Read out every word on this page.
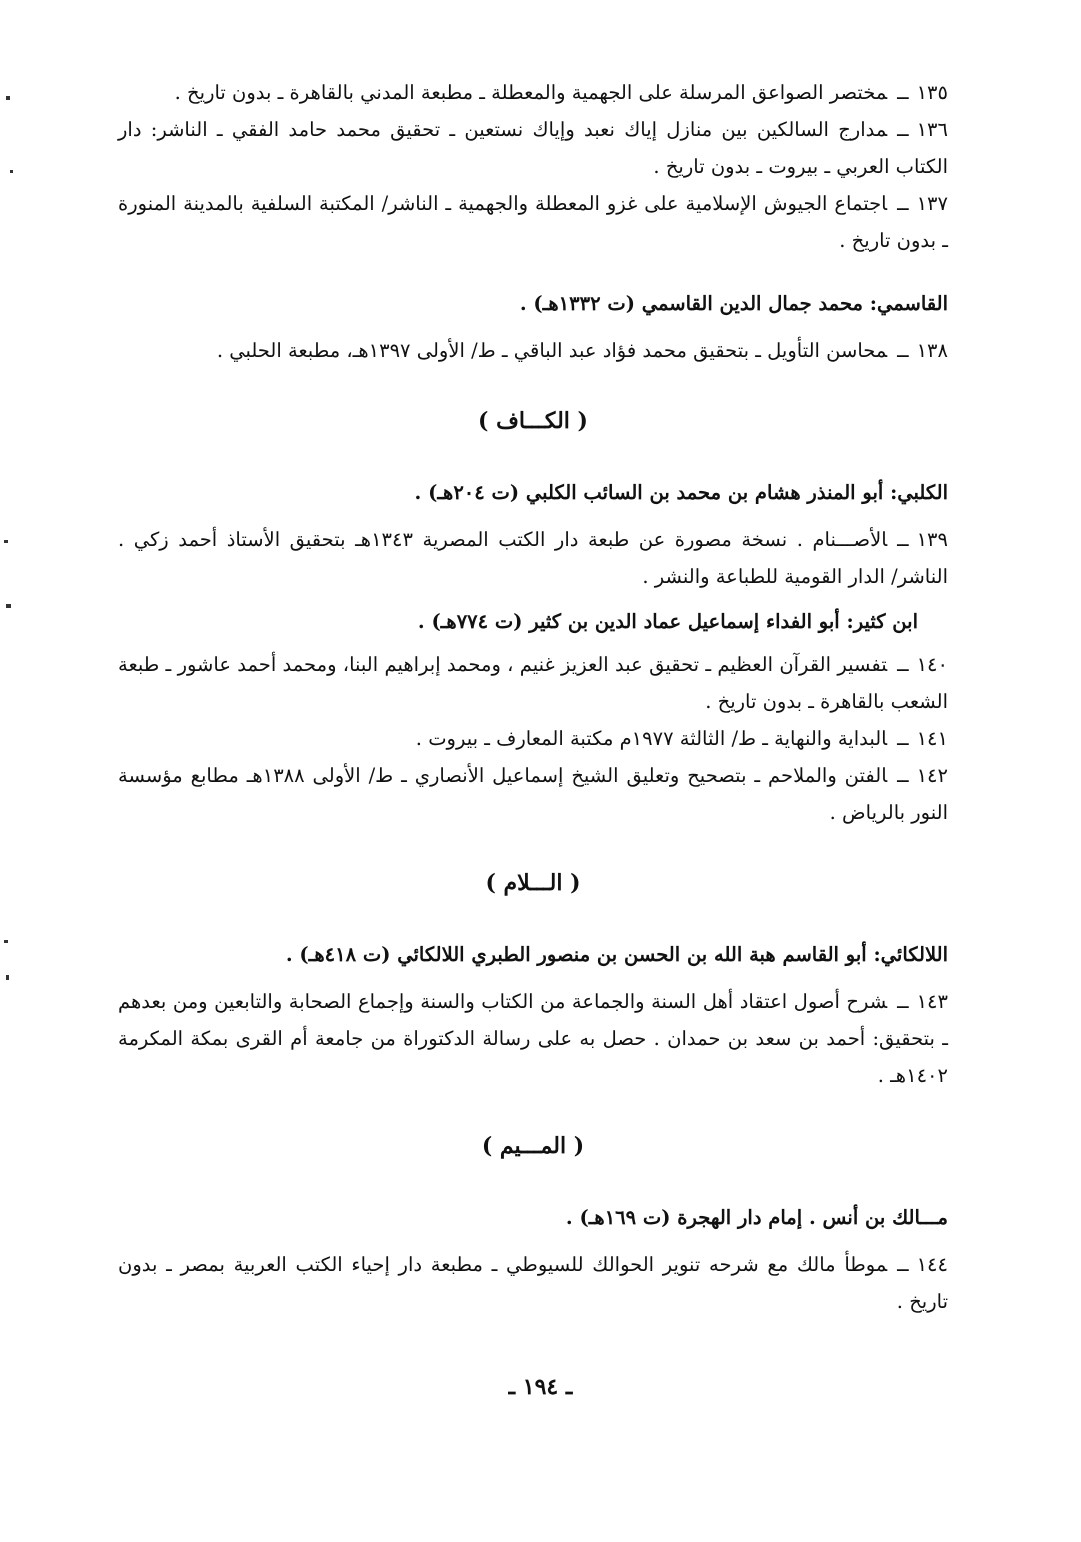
١٣٥ــمختصر الصواعق المرسلة على الجهمية والمعطلة ـ مطبعة المدني بالقاهرة ـ بدون تاريخ .

١٣٦ــمدارج السالكين بين منازل إياك نعبد وإياك نستعين ـ تحقيق محمد حامد الفقي ـ الناشر: دار الكتاب العربي ـ بيروت ـ بدون تاريخ .

١٣٧ــاجتماع الجيوش الإسلامية على غزو المعطلة والجهمية ـ الناشر/ المكتبة السلفية بالمدينة المنورة ـ بدون تاريخ .

القاسمي: محمد جمال الدين القاسمي (ت ١٣٣٢هـ) .

١٣٨ــمحاسن التأويل ـ بتحقيق محمد فؤاد عبد الباقي ـ ط/ الأولى ١٣٩٧هـ، مطبعة الحلبي .

( الكـــاف )

الكلبي: أبو المنذر هشام بن محمد بن السائب الكلبي (ت ٢٠٤هـ) .

١٣٩ــالأصـــنام . نسخة مصورة عن طبعة دار الكتب المصرية ١٣٤٣هـ بتحقيق الأستاذ أحمد زكي . الناشر/ الدار القومية للطباعة والنشر .

ابن كثير: أبو الفداء إسماعيل عماد الدين بن كثير (ت ٧٧٤هـ) .

١٤٠ــتفسير القرآن العظيم ـ تحقيق عبد العزيز غنيم ، ومحمد إبراهيم البنا، ومحمد أحمد عاشور ـ طبعة الشعب بالقاهرة ـ بدون تاريخ .

١٤١ــالبداية والنهاية ـ ط/ الثالثة ١٩٧٧م مكتبة المعارف ـ بيروت .

١٤٢ــالفتن والملاحم ـ بتصحيح وتعليق الشيخ إسماعيل الأنصاري ـ ط/ الأولى ١٣٨٨هـ مطابع مؤسسة النور بالرياض .

( الـــلام )

اللالكائي: أبو القاسم هبة الله بن الحسن بن منصور الطبري اللالكائي (ت ٤١٨هـ) .

١٤٣ــشرح أصول اعتقاد أهل السنة والجماعة من الكتاب والسنة وإجماع الصحابة والتابعين ومن بعدهم ـ بتحقيق: أحمد بن سعد بن حمدان . حصل به على رسالة الدكتوراة من جامعة أم القرى بمكة المكرمة ١٤٠٢هـ .

( المـــيم )

مـــالك بن أنس . إمام دار الهجرة (ت ١٦٩هـ) .

١٤٤ــموطأ مالك مع شرحه تنوير الحوالك للسيوطي ـ مطبعة دار إحياء الكتب العربية بمصر ـ بدون تاريخ .

ـ ١٩٤ ـ
